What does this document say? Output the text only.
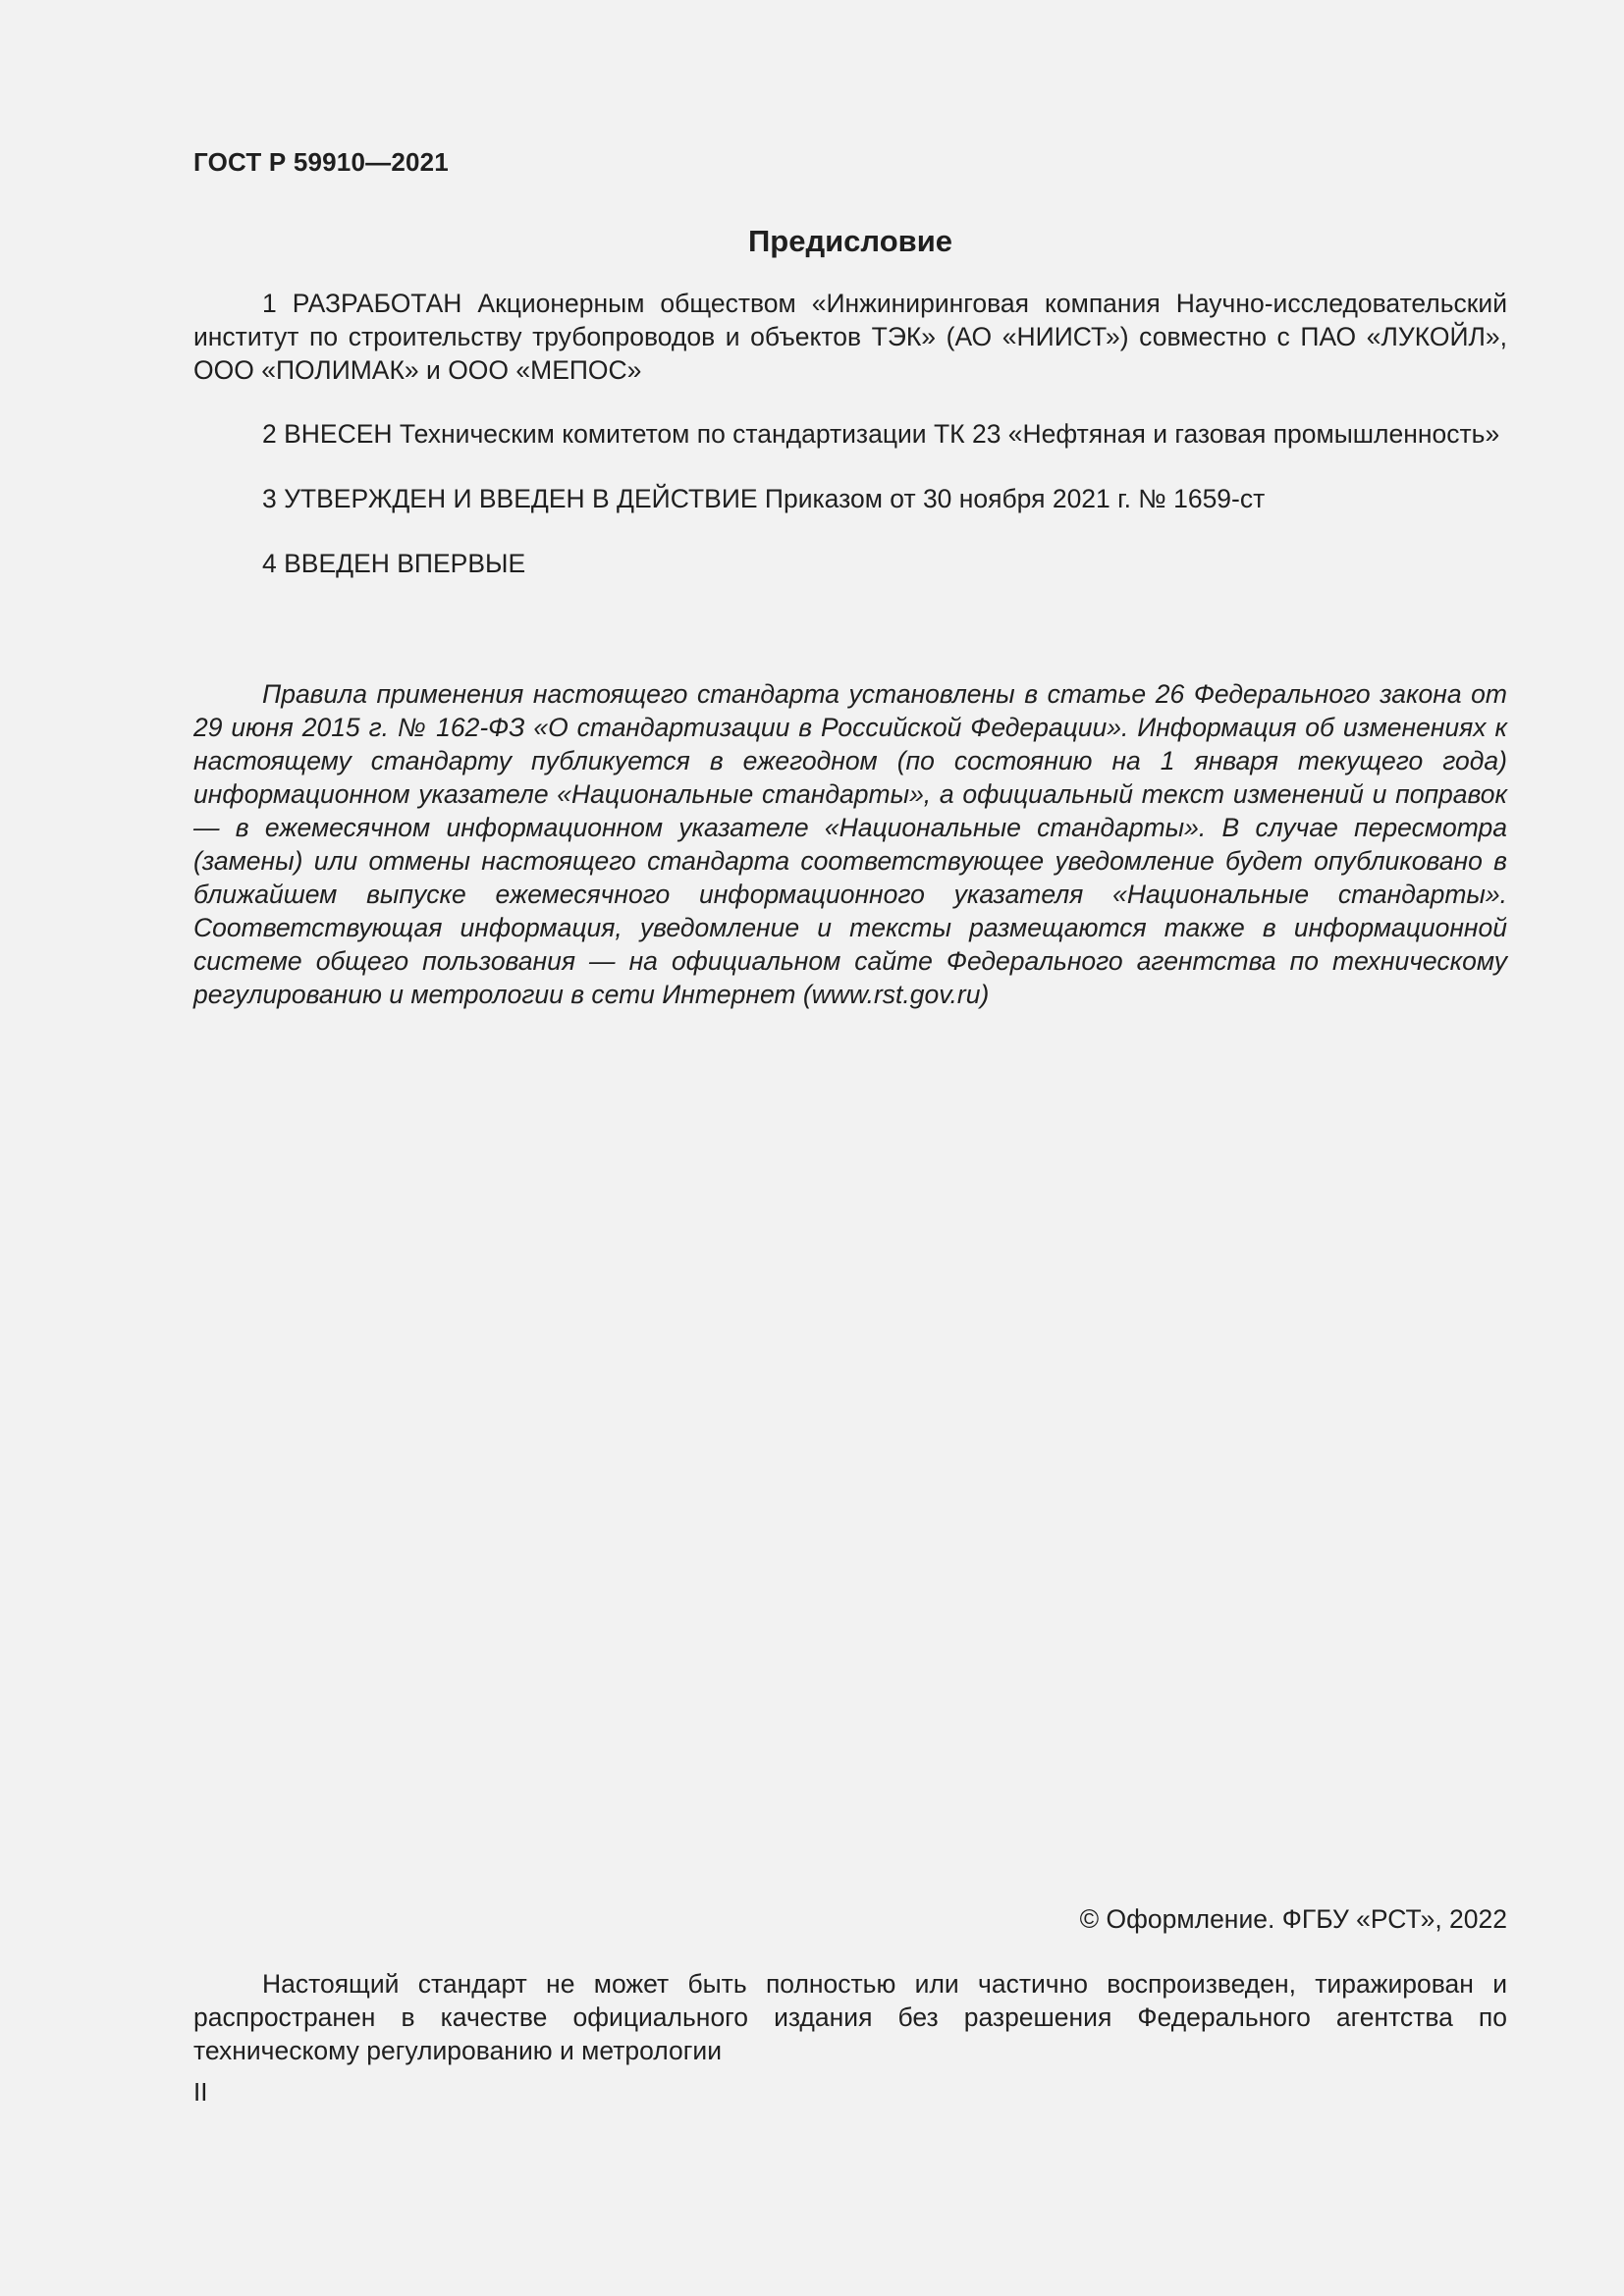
ГОСТ Р 59910—2021
Предисловие

1 РАЗРАБОТАН Акционерным обществом «Инжиниринговая компания Научно-исследовательский институт по строительству трубопроводов и объектов ТЭК» (АО «НИИСТ») совместно с ПАО «ЛУКОЙЛ», ООО «ПОЛИМАК» и ООО «МЕПОС»

2 ВНЕСЕН Техническим комитетом по стандартизации ТК 23 «Нефтяная и газовая промышленность»

3 УТВЕРЖДЕН И ВВЕДЕН В ДЕЙСТВИЕ Приказом от 30 ноября 2021 г. № 1659-ст

4 ВВЕДЕН ВПЕРВЫЕ

Правила применения настоящего стандарта установлены в статье 26 Федерального закона от 29 июня 2015 г. № 162-ФЗ «О стандартизации в Российской Федерации». Информация об изменениях к настоящему стандарту публикуется в ежегодном (по состоянию на 1 января текущего года) информационном указателе «Национальные стандарты», а официальный текст изменений и поправок — в ежемесячном информационном указателе «Национальные стандарты». В случае пересмотра (замены) или отмены настоящего стандарта соответствующее уведомление будет опубликовано в ближайшем выпуске ежемесячного информационного указателя «Национальные стандарты». Соответствующая информация, уведомление и тексты размещаются также в информационной системе общего пользования — на официальном сайте Федерального агентства по техническому регулированию и метрологии в сети Интернет (www.rst.gov.ru)

© Оформление. ФГБУ «РСТ», 2022

Настоящий стандарт не может быть полностью или частично воспроизведен, тиражирован и распространен в качестве официального издания без разрешения Федерального агентства по техническому регулированию и метрологии

II
